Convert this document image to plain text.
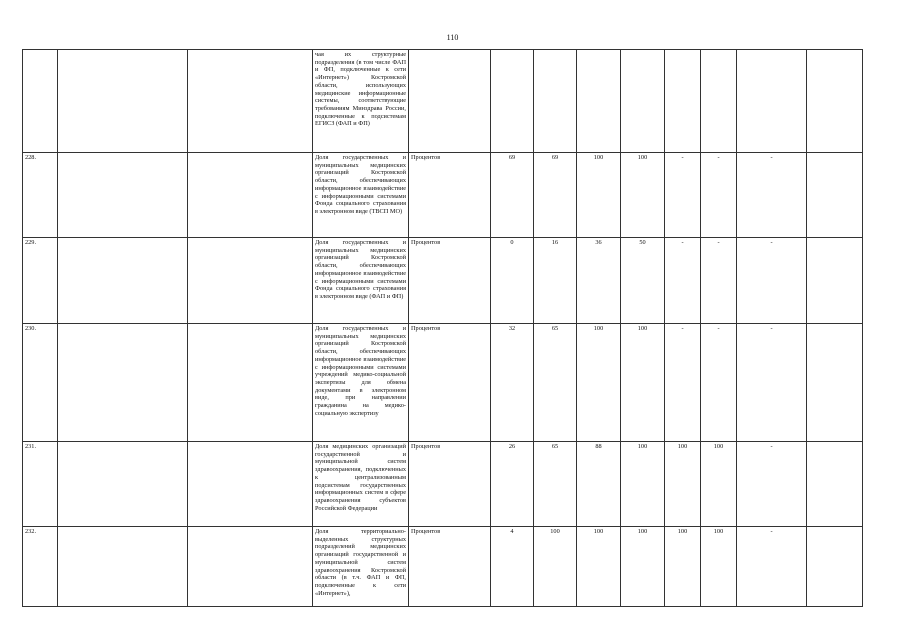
110
			чая их структурные подразделения (в том числе ФАП и ФП, подключенные к сети «Интернет») Костромской области, использующих медицинские информационные системы, соответствующие требованиям Минздрава России, подключенные к подсистемам ЕГИСЗ (ФАП и ФП)									
228.			Доля государственных и муниципальных медицинских организаций Костромской области, обеспечивающих информационное взаимодействие с информационными системами Фонда социального страхования в электронном виде (ТВСП МО)	Процентов	69	69	100	100	-	-	-	
229.			Доля государственных и муниципальных медицинских организаций Костромской области, обеспечивающих информационное взаимодействие с информационными системами Фонда социального страхования в электронном виде (ФАП и ФП)	Процентов	0	16	36	50	-	-	-	
230.			Доля государственных и муниципальных медицинских организаций Костромской области, обеспечивающих информационное взаимодействие с информационными системами учреждений медико-социальной экспертизы для обмена документами в электронном виде, при направлении гражданина на медико-социальную экспертизу	Процентов	32	65	100	100	-	-	-	
231.			Доля медицинских организаций государственной и муниципальной систем здравоохранения, подключенных к централизованным подсистемам государственных информационных систем в сфере здравоохранения субъектов Российской Федерации	Процентов	26	65	88	100	100	100	-	
232.			Доля территориально-выделенных структурных подразделений медицинских организаций государственной и муниципальной систем здравоохранения Костромской области (в т.ч. ФАП и ФП, подключенные к сети «Интернет»),	Процентов	4	100	100	100	100	100	-	
